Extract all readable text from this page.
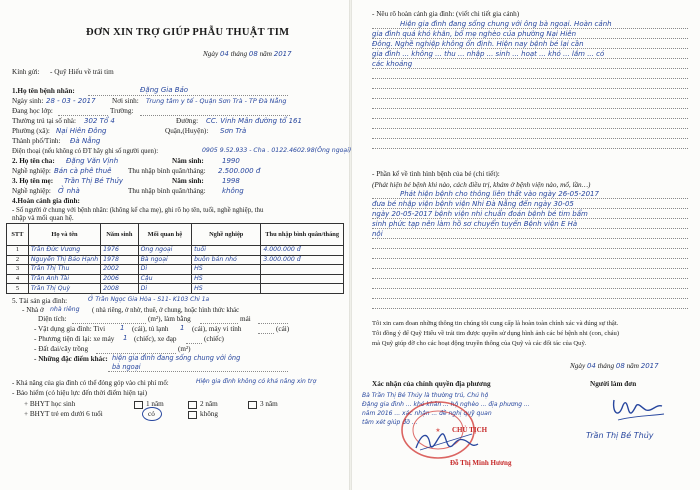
ĐƠN XIN TRỢ GIÚP PHẪU THUẬT TIM
Ngày 04 tháng 08 năm 2017
Kính gửi: - Quỹ Hiếu về trái tim
1.Họ tên bệnh nhân:	Đặng Gia Bảo
Ngày sinh: 28 - 03 - 2017 Nơi sinh: Trung tâm y tế - Quận Sơn Trà - TP Đà Nẵng
Đang học lớp:	Trường:
Thường trú tại số nhà: 302 Tổ 4	Đường: CC. Vinh Mân đường tổ 161
Phường (xã): Nại Hiên Đông	Quận,(Huyện): Sơn Trà
Thành phố/Tỉnh: Đà Nẵng
Điện thoại (nếu không có ĐT hãy ghi số người quen):	0905 9.52.933 - Cha . 0122.4602.98(Ông ngoại)
2. Họ tên cha: Đặng Văn Vịnh	Năm sinh:	1990
Nghề nghiệp: Bán cà phê thuê Thu nhập bình quân/tháng: 2.500.000 đ
3. Họ tên mẹ: Trần Thị Bé Thủy	Năm sinh:	1998
Nghề nghiệp: Ở nhà	Thu nhập bình quân/tháng: không
4.Hoàn cảnh gia đình:
- Số người ở chung với bệnh nhân: (không kể cha mẹ), ghi rõ họ tên, tuổi, nghề nghiệp, thu
nhập và mối quan hệ.
STT	Họ và tên	Năm sinh	Mối quan hệ	Nghề nghiệp	Thu nhập bình quân/tháng
1	Trần Đức Vương	1976	Ông ngoại	tuổi	4.000.000 đ
2	Nguyễn Thị Bảo Hạnh	1978	Bà ngoại	buôn bán nhỏ	3.000.000 đ
3	Trần Thị Thu	2002	Dì	HS	
4	Trần Anh Tài	2006	Cậu	HS	
5	Trần Thị Quỳ	2008	Dì	HS	
5. Tài sản gia đình:	Ở Trần Ngọc Gia Hòa - S11- K103 Chi 1a
- Nhà ở nhà riêng ( nhà riêng, ở nhờ, thuê, ở chung, hoặc hình thức khác
Diện tích:	(m²), làm bằng	mái
- Vật dụng gia đình: Tivi 1 (cái), tủ lạnh 1 (cái), máy vi tính	(cái)
- Phương tiện đi lại: xe máy 1 (chiếc), xe đạp	(chiếc)
- Đất đai/cây trồng	(m²)
- Những đặc điểm khác: hiện gia đình đang sống chung với ông
bà ngoại
- Khả năng của gia đình có thể đóng góp vào chi phí mổ:	Hiện gia đình không có khả năng xin trợ
- Bảo hiểm (có hiệu lực đến thời điểm hiện tại)
+ BHYT học sinh	1 năm	2 năm	3 năm
+ BHYT trẻ em dưới 6 tuổi	có	không
- Nêu rõ hoàn cảnh gia đình: (viết chi tiết gia cảnh)
Hiện gia đình đang sống chung với ông bà ngoại. Hoàn cảnh
gia đình quá khó khăn, bố mẹ nghèo của phường Nại Hiên
Đông. Nghề nghiệp không ổn định. Hiện nay bệnh bé lại cần
gia đình ... không ... thu ... nhập ... sinh ... hoạt ... khó ... lắm ... có
các khoảng
- Phần kể về tình hình bệnh của bé (chi tiết):
(Phát hiện bé bệnh khi nào, cách điều trị, khám ở bệnh viện nào, mổ, lần…)
Phát hiện bệnh cho thông liên thất vào ngày 26-05-2017
đưa bé nhập viện bệnh viện Nhi Đà Nẵng đến ngày 30-05
ngày 20-05-2017 bệnh viện nhi chuẩn đoán bệnh bé tim bẩm
sinh phức tạp nên làm hồ sơ chuyển tuyến Bệnh viện E Hà
nội
Tôi xin cam đoan những thông tin chúng tôi cung cấp là hoàn toàn chính xác và đúng sự thật.
Tôi đồng ý để Quỹ Hiếu về trái tim được quyền sử dụng hình ảnh các bé bệnh nhi (con, cháu)
mà Quỹ giúp đỡ cho các hoạt động truyền thông của Quỹ và các đối tác của Quỹ.
Ngày 04 tháng 08 năm 2017
Xác nhận của chính quyền địa phương	Người làm đơn
Bà Trần Thị Bé Thủy là thường trú, Chủ hộ
Đặng gia đình ... khó khăn ... hộ nghèo ... địa phương ...
năm 2016 ... xác nhận ... đề nghị quỹ quan
tâm xét giúp đỡ ...
★ CHỦ TỊCH
Đỗ Thị Minh Hương
Trần Thị Bé Thủy
